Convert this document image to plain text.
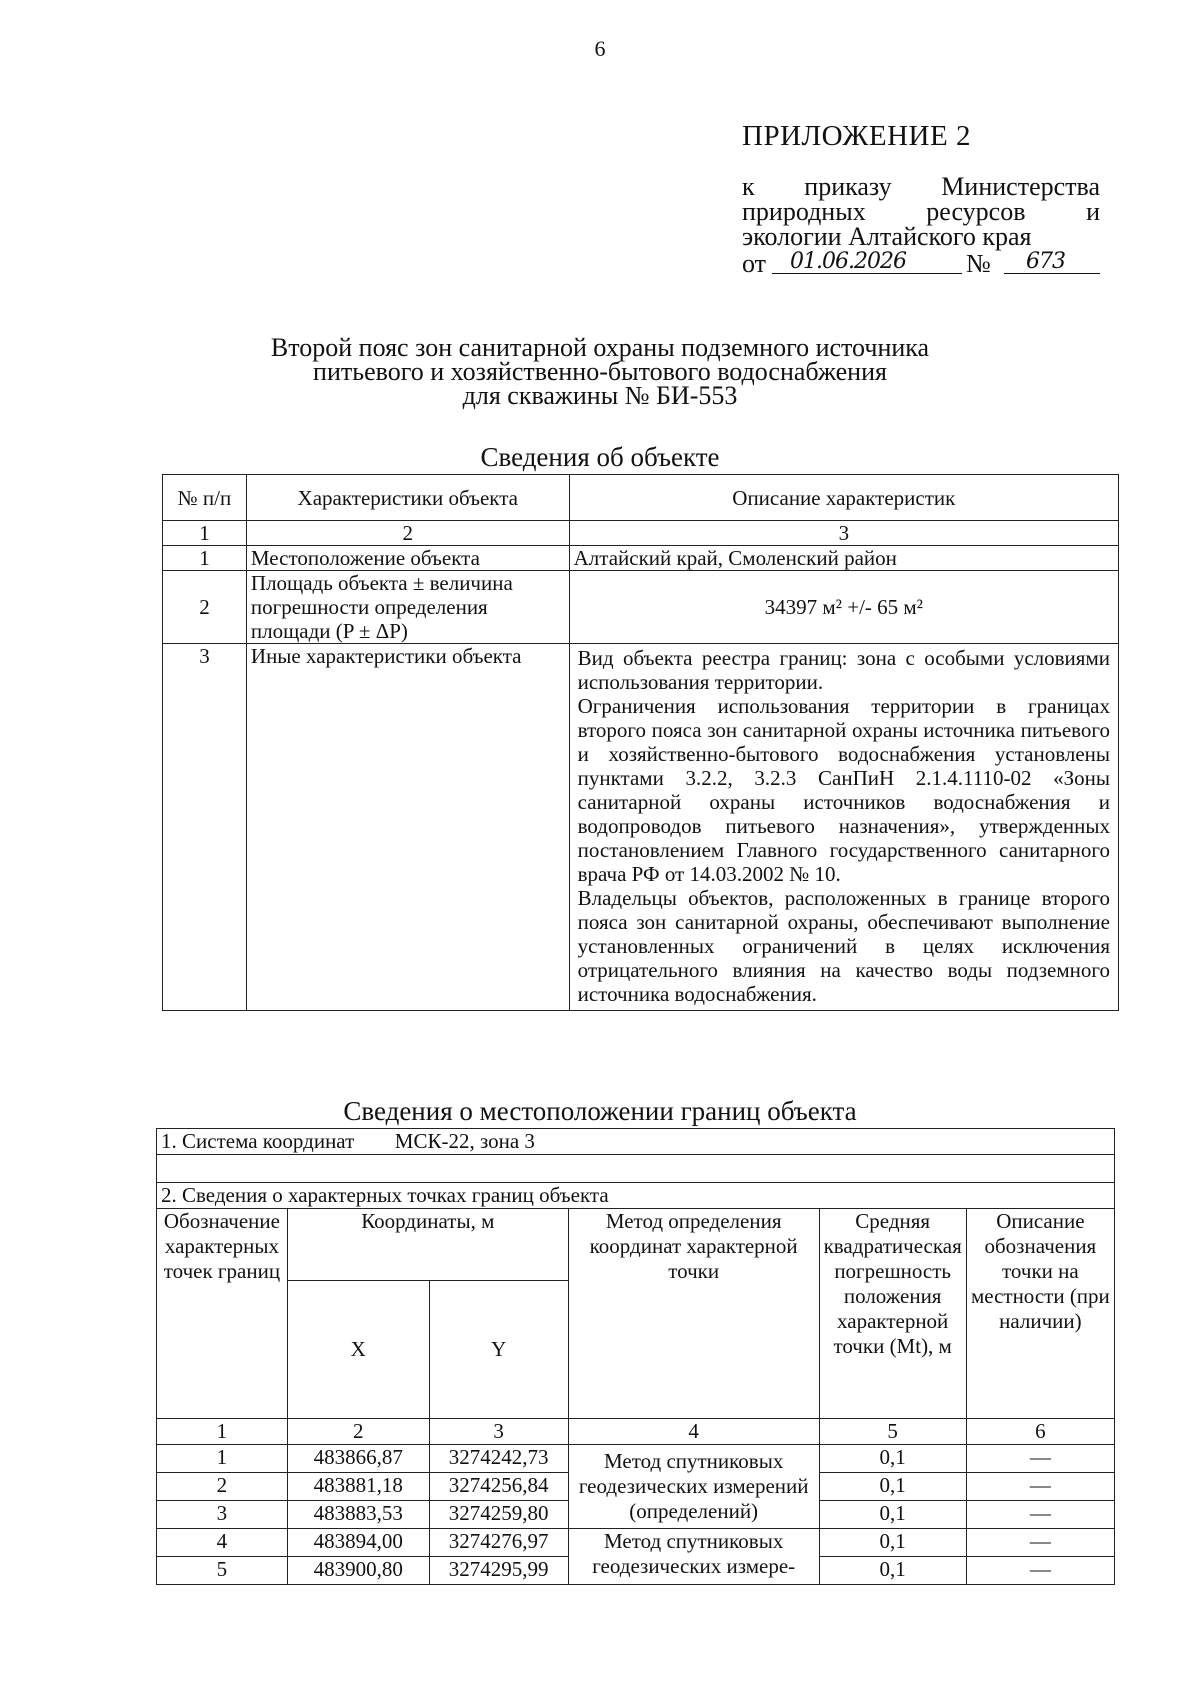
6
ПРИЛОЖЕНИЕ 2
к приказу Министерства
природных ресурсов и
экологии Алтайского края
от 01.06.2026 № 673
Второй пояс зон санитарной охраны подземного источника
питьевого и хозяйственно-бытового водоснабжения
для скважины № БИ-553
Сведения об объекте
№ п/п	Характеристики объекта	Описание характеристик
1	2	3
1	Местоположение объекта	Алтайский край, Смоленский район
2	Площадь объекта ± величина погрешности определения площади (P ± ΔP)	34397 м² +/- 65 м²
3	Иные характеристики объекта	Вид объекта реестра границ: зона с особыми условиями использования территории.
Ограничения использования территории в границах второго пояса зон санитарной охраны источника питьевого и хозяйственно-бытового водоснабжения установлены пунктами 3.2.2, 3.2.3 СанПиН 2.1.4.1110-02 «Зоны санитарной охраны источников водоснабжения и водопроводов питьевого назначения», утвержденных постановлением Главного государственного санитарного врача РФ от 14.03.2002 № 10.
Владельцы объектов, расположенных в границе второго пояса зон санитарной охраны, обеспечивают выполнение установленных ограничений в целях исключения отрицательного влияния на качество воды подземного источника водоснабжения.
Сведения о местоположении границ объекта
1. Система координат МСК-22, зона 3					

2. Сведения о характерных точках границ объекта					
Обозначение характерных точек границ	Координаты, м		Метод определения координат характерной точки	Средняя квадратическая погрешность положения характерной точки (Mt), м	Описание обозначения точки на местности (при наличии)
	X	Y			
1	2	3	4	5	6
1	483866,87	3274242,73	Метод спутниковых геодезических измерений (определений)	0,1	—
2	483881,18	3274256,84		0,1	—
3	483883,53	3274259,80		0,1	—
4	483894,00	3274276,97	Метод спутниковых геодезических измере-	0,1	—
5	483900,80	3274295,99		0,1	—
